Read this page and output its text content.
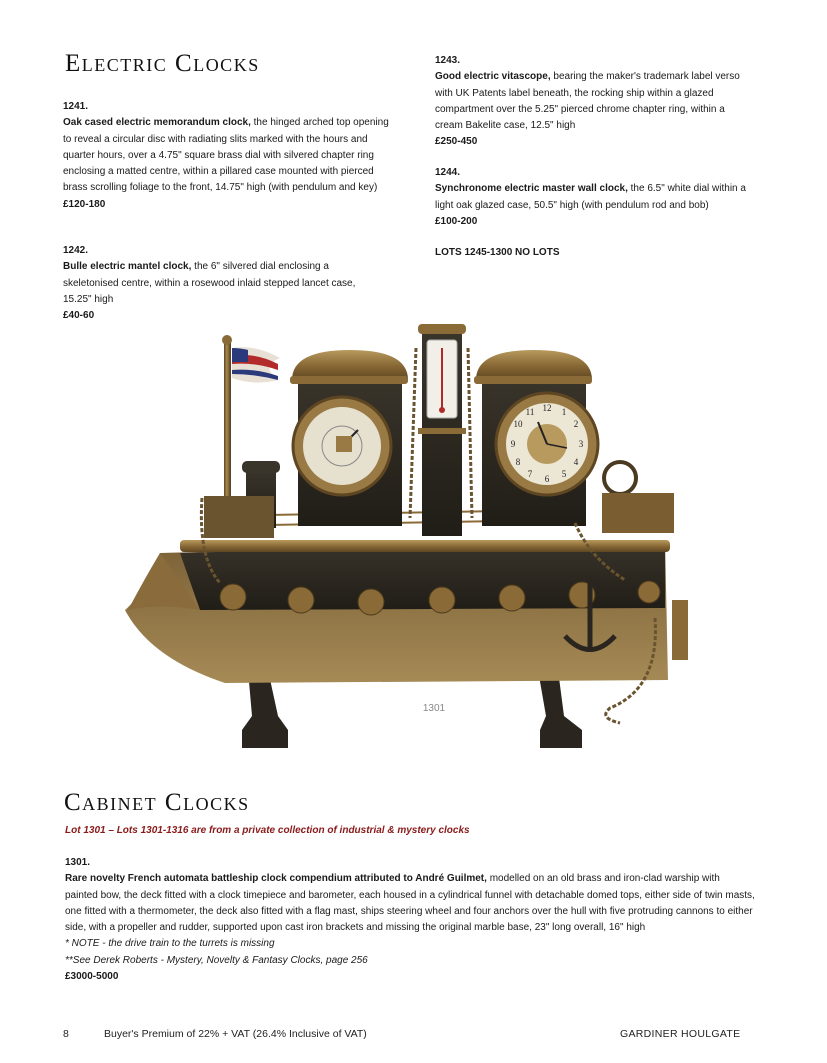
Electric Clocks

1241.

Oak cased electric memorandum clock, the hinged arched top opening to reveal a circular disc with radiating slits marked with the hours and quarter hours, over a 4.75" square brass dial with silvered chapter ring enclosing a matted centre, within a pillared case mounted with pierced brass scrolling foliage to the front, 14.75" high (with pendulum and key)

£120-180

1242.

Bulle electric mantel clock, the 6" silvered dial enclosing a skeletonised centre, within a rosewood inlaid stepped lancet case, 15.25" high

£40-60

1243.

Good electric vitascope, bearing the maker's trademark label verso with UK Patents label beneath, the rocking ship within a glazed compartment over the 5.25" pierced chrome chapter ring, within a cream Bakelite case, 12.5" high

£250-450

1244.

Synchronome electric master wall clock, the 6.5" white dial within a light oak glazed case, 50.5" high (with pendulum rod and bob)

£100-200

LOTS 1245-1300 NO LOTS

12 1
2
3
4
5
6
7
8
9
10
11
1301
Cabinet Clocks

Lot 1301 – Lots 1301-1316 are from a private collection of industrial & mystery clocks

1301.

Rare novelty French automata battleship clock compendium attributed to André Guilmet, modelled on an old brass and iron-clad warship with painted bow, the deck fitted with a clock timepiece and barometer, each housed in a cylindrical funnel with detachable domed tops, either side of twin masts, one fitted with a thermometer, the deck also fitted with a flag mast, ships steering wheel and four anchors over the hull with five protruding cannons to either side, with a propeller and rudder, supported upon cast iron brackets and missing the original marble base, 23" long overall, 16" high

* NOTE - the drive train to the turrets is missing

**See Derek Roberts - Mystery, Novelty & Fantasy Clocks, page 256

£3000-5000

8	Buyer's Premium of 22% + VAT (26.4% Inclusive of VAT)	GARDINER HOULGATE
